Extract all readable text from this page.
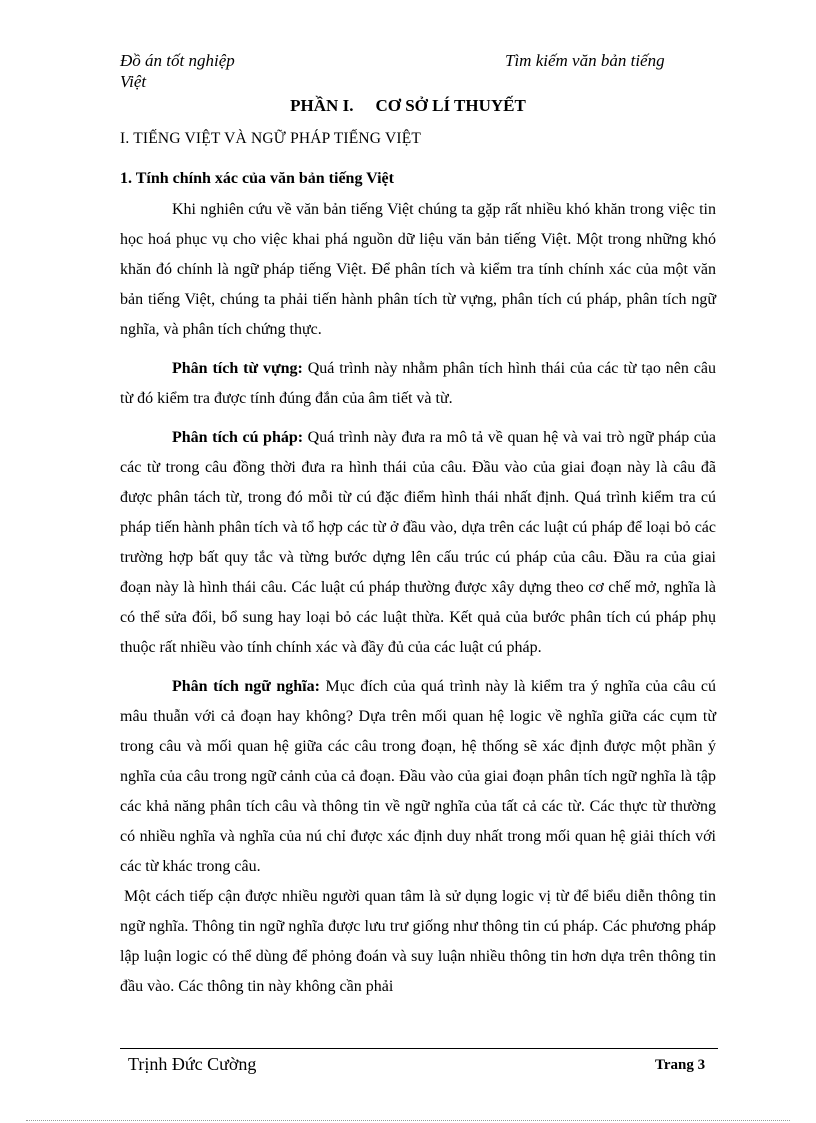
Đồ án tốt nghiệp	Tìm kiếm văn bản tiếng
Việt
PHẦN I. CƠ SỞ LÍ THUYẾT
I. TIẾNG VIỆT VÀ NGỮ PHÁP TIẾNG VIỆT
1. Tính chính xác của văn bản tiếng Việt

Khi nghiên cứu về văn bản tiếng Việt chúng ta gặp rất nhiều khó khăn trong việc tin học hoá phục vụ cho việc khai phá nguồn dữ liệu văn bản tiếng Việt. Một trong những khó khăn đó chính là ngữ pháp tiếng Việt. Để phân tích và kiểm tra tính chính xác của một văn bản tiếng Việt, chúng ta phải tiến hành phân tích từ vựng, phân tích cú pháp, phân tích ngữ nghĩa, và phân tích chứng thực.

Phân tích từ vựng: Quá trình này nhằm phân tích hình thái của các từ tạo nên câu từ đó kiểm tra được tính đúng đắn của âm tiết và từ.

Phân tích cú pháp: Quá trình này đưa ra mô tả về quan hệ và vai trò ngữ pháp của các từ trong câu đồng thời đưa ra hình thái của câu. Đầu vào của giai đoạn này là câu đã được phân tách từ, trong đó mỗi từ cú đặc điểm hình thái nhất định. Quá trình kiểm tra cú pháp tiến hành phân tích và tổ hợp các từ ở đầu vào, dựa trên các luật cú pháp để loại bỏ các trường hợp bất quy tắc và từng bước dựng lên cấu trúc cú pháp của câu. Đầu ra của giai đoạn này là hình thái câu. Các luật cú pháp thường được xây dựng theo cơ chế mở, nghĩa là có thể sửa đổi, bổ sung hay loại bỏ các luật thừa. Kết quả của bước phân tích cú pháp phụ thuộc rất nhiều vào tính chính xác và đầy đủ của các luật cú pháp.

Phân tích ngữ nghĩa: Mục đích của quá trình này là kiểm tra ý nghĩa của câu cú mâu thuẫn với cả đoạn hay không? Dựa trên mối quan hệ logic về nghĩa giữa các cụm từ trong câu và mối quan hệ giữa các câu trong đoạn, hệ thống sẽ xác định được một phần ý nghĩa của câu trong ngữ cảnh của cả đoạn. Đầu vào của giai đoạn phân tích ngữ nghĩa là tập các khả năng phân tích câu và thông tin về ngữ nghĩa của tất cả các từ. Các thực từ thường có nhiều nghĩa và nghĩa của nú chỉ được xác định duy nhất trong mối quan hệ giải thích với các từ khác trong câu.

Một cách tiếp cận được nhiều người quan tâm là sử dụng logic vị từ để biểu diễn thông tin ngữ nghĩa. Thông tin ngữ nghĩa được lưu trư giống như thông tin cú pháp. Các phương pháp lập luận logic có thể dùng để phỏng đoán và suy luận nhiều thông tin hơn dựa trên thông tin đầu vào. Các thông tin này không cần phải

Trịnh Đức Cường	Trang 3
